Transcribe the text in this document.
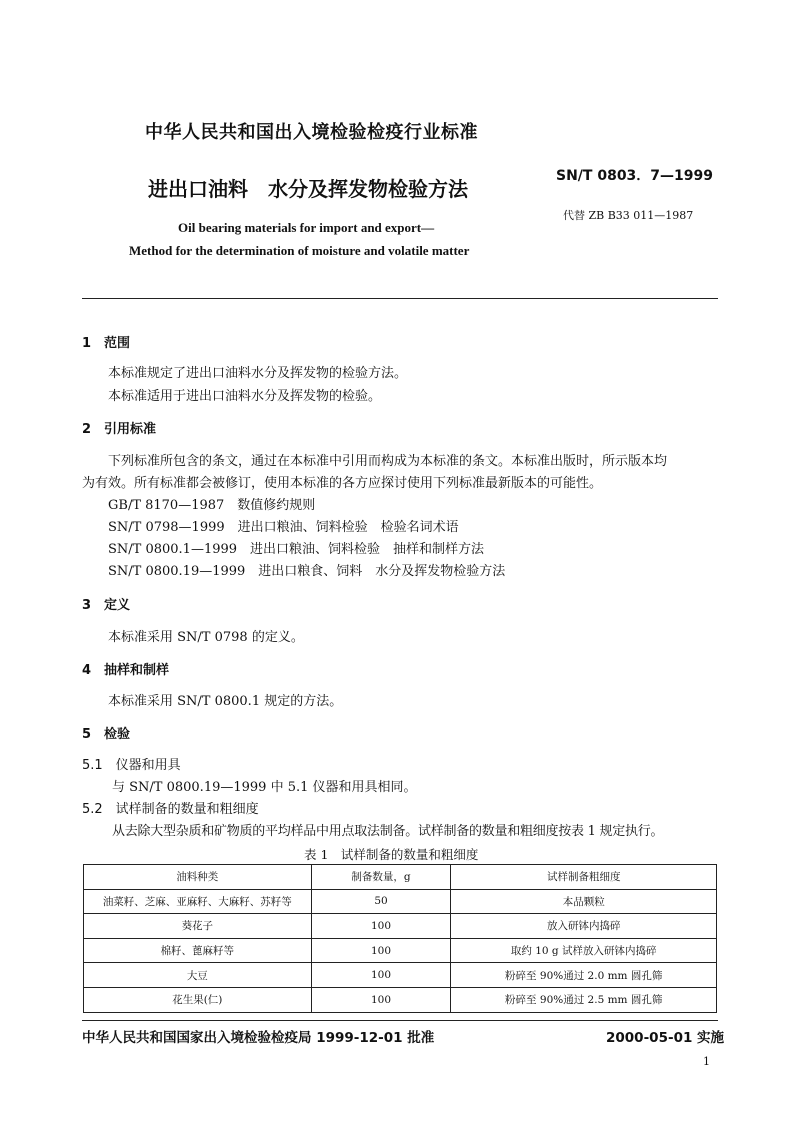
中华人民共和国出入境检验检疫行业标准
SN/T 0803．7—1999
进出口油料　水分及挥发物检验方法
代替 ZB B33 011—1987
Oil bearing materials for import and export—
Method for the determination of moisture and volatile matter
1　范围
本标准规定了进出口油料水分及挥发物的检验方法。
本标准适用于进出口油料水分及挥发物的检验。
2　引用标准
下列标准所包含的条文，通过在本标准中引用而构成为本标准的条文。本标准出版时，所示版本均
为有效。所有标准都会被修订，使用本标准的各方应探讨使用下列标准最新版本的可能性。
GB/T 8170—1987　数值修约规则
SN/T 0798—1999　进出口粮油、饲料检验　检验名词术语
SN/T 0800.1—1999　进出口粮油、饲料检验　抽样和制样方法
SN/T 0800.19—1999　进出口粮食、饲料　水分及挥发物检验方法
3　定义
本标准采用 SN/T 0798 的定义。
4　抽样和制样
本标准采用 SN/T 0800.1 规定的方法。
5　检验
5.1　仪器和用具
与 SN/T 0800.19—1999 中 5.1 仪器和用具相同。
5.2　试样制备的数量和粗细度
从去除大型杂质和矿物质的平均样品中用点取法制备。试样制备的数量和粗细度按表 1 规定执行。
表 1　试样制备的数量和粗细度
油料种类	制备数量，g	试样制备粗细度
油菜籽、芝麻、亚麻籽、大麻籽、苏籽等	50	本品颗粒
葵花子	100	放入研钵内捣碎
棉籽、蓖麻籽等	100	取约 10 g 试样放入研钵内捣碎
大豆	100	粉碎至 90%通过 2.0 mm 圆孔筛
花生果(仁)	100	粉碎至 90%通过 2.5 mm 圆孔筛
中华人民共和国国家出入境检验检疫局 1999-12-01 批准	2000-05-01 实施
1
